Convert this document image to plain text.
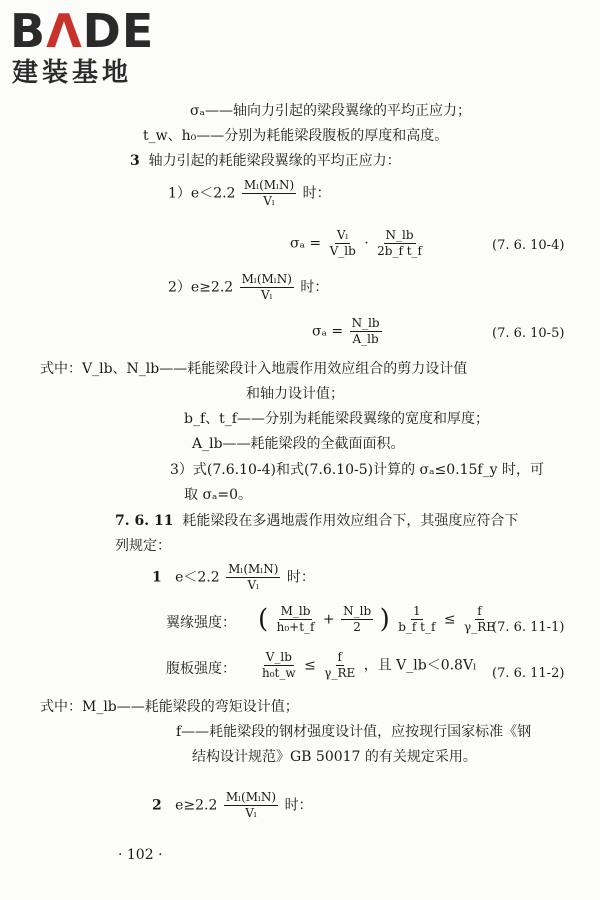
BΛDE
建装基地
σₐ——轴向力引起的梁段翼缘的平均正应力；
t_w、h₀——分别为耗能梁段腹板的厚度和高度。
3 轴力引起的耗能梁段翼缘的平均正应力：
$1)e<2.2 \frac{\text{Mₗ(MₗN)}}{\text{Vₗ}}$ 时：
$\sigma_a = \frac{\text{Vₗ}}{V\_lb} \cdot \frac{N\_lb}{\text{2b\_f t\_f}}$	(7. 6. 10-4)
$2)e\ge 2.2 \frac{\text{Mₗ(MₗN)}}{\text{Vₗ}}$ 时：
$\sigma_a = \frac{N\_lb}{A\_lb}$	(7. 6. 10-5)
式中：V_lb、N_lb——耗能梁段计入地震作用效应组合的剪力设计值
和轴力设计值；
b_f、t_f——分别为耗能梁段翼缘的宽度和厚度；
A_lb——耗能梁段的全截面面积。
3）式(7.6.10-4)和式(7.6.10-5)计算的 σₐ≤0.15f_y 时，可
取 σₐ=0。
7. 6. 11 耗能梁段在多遇地震作用效应组合下，其强度应符合下
列规定：
1 $e<2.2 \frac{\text{Mₗ(MₗN)}}{\text{Vₗ}}$ 时：
翼缘强度： ( $\frac{M\_lb}{\text{h₀+t\_f}} + \frac{N\_lb}{2}$ ) $\frac{1}{\text{b\_f t\_f}} \le \frac{f}{\gamma\_RE}$
(7. 6. 11-1)
腹板强度： $\frac{V\_lb}{\text{h₀t\_w}} \le \frac{f}{\gamma\_RE}$ ，且 V_lb＜0.8Vₗ (7. 6. 11-2)
式中：M_lb——耗能梁段的弯矩设计值；
f——耗能梁段的钢材强度设计值，应按现行国家标准《钢
结构设计规范》GB 50017 的有关规定采用。
2 $e\ge 2.2 \frac{\text{Mₗ(MₗN)}}{\text{Vₗ}}$ 时：
· 102 ·
